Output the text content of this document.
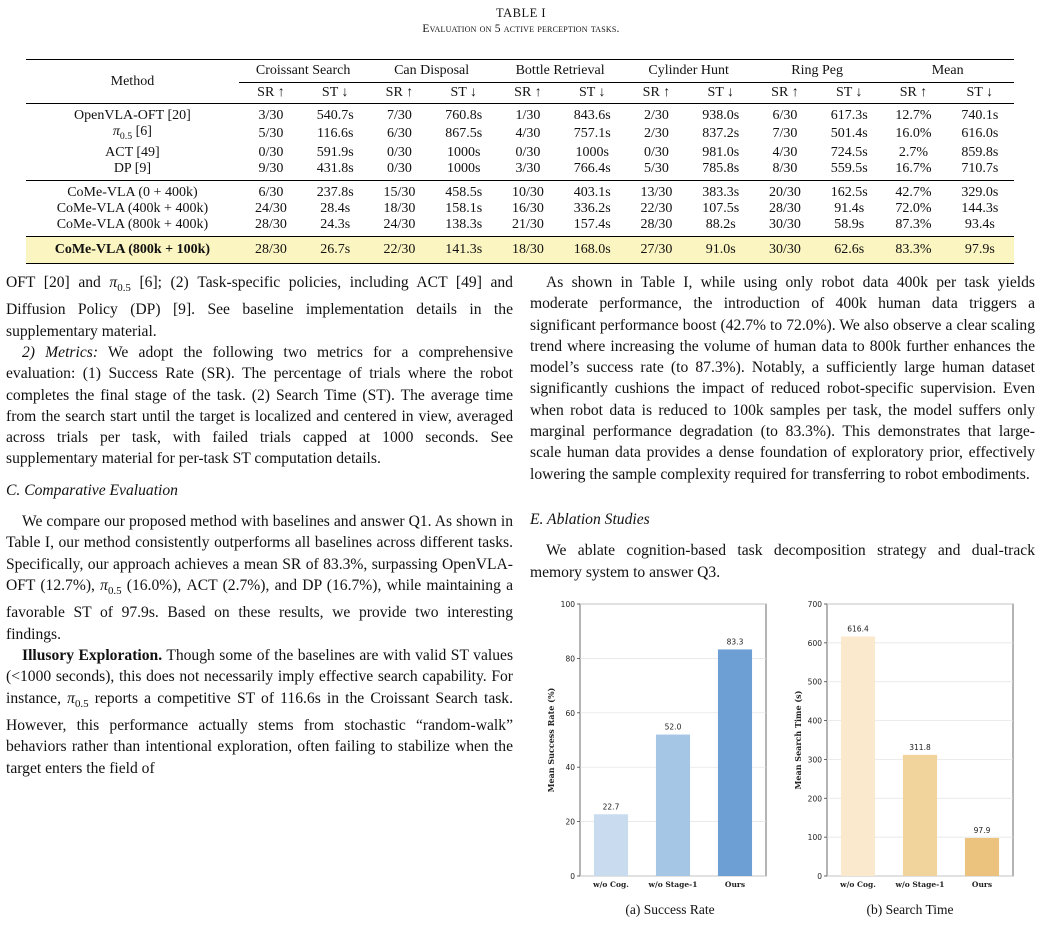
TABLE I
Evaluation on 5 active perception tasks.
Method	Croissant Search		Can Disposal		Bottle Retrieval		Cylinder Hunt		Ring Peg		Mean	
	SR ↑	ST ↓	SR ↑	ST ↓	SR ↑	ST ↓	SR ↑	ST ↓	SR ↑	ST ↓	SR ↑	ST ↓
OpenVLA-OFT [20]	3/30	540.7s	7/30	760.8s	1/30	843.6s	2/30	938.0s	6/30	617.3s	12.7%	740.1s
$\pi_{0.5}$ [6]	5/30	116.6s	6/30	867.5s	4/30	757.1s	2/30	837.2s	7/30	501.4s	16.0%	616.0s
ACT [49]	0/30	591.9s	0/30	1000s	0/30	1000s	0/30	981.0s	4/30	724.5s	2.7%	859.8s
DP [9]	9/30	431.8s	0/30	1000s	3/30	766.4s	5/30	785.8s	8/30	559.5s	16.7%	710.7s
CoMe-VLA (0 + 400k)	6/30	237.8s	15/30	458.5s	10/30	403.1s	13/30	383.3s	20/30	162.5s	42.7%	329.0s
CoMe-VLA (400k + 400k)	24/30	28.4s	18/30	158.1s	16/30	336.2s	22/30	107.5s	28/30	91.4s	72.0%	144.3s
CoMe-VLA (800k + 400k)	28/30	24.3s	24/30	138.3s	21/30	157.4s	28/30	88.2s	30/30	58.9s	87.3%	93.4s
CoMe-VLA (800k + 100k)	28/30	26.7s	22/30	141.3s	18/30	168.0s	27/30	91.0s	30/30	62.6s	83.3%	97.9s

OFT [20] and $\pi_{0.5}$ [6]; (2) Task-specific policies, including ACT [49] and Diffusion Policy (DP) [9]. See baseline implementation details in the supplementary material.

2) Metrics: We adopt the following two metrics for a comprehensive evaluation: (1) Success Rate (SR). The percentage of trials where the robot completes the final stage of the task. (2) Search Time (ST). The average time from the search start until the target is localized and centered in view, averaged across trials per task, with failed trials capped at 1000 seconds. See supplementary material for per-task ST computation details.

C. Comparative Evaluation

We compare our proposed method with baselines and answer Q1. As shown in Table I, our method consistently outperforms all baselines across different tasks. Specifically, our approach achieves a mean SR of 83.3%, surpassing OpenVLA-OFT (12.7%), $\pi_{0.5}$ (16.0%), ACT (2.7%), and DP (16.7%), while maintaining a favorable ST of 97.9s. Based on these results, we provide two interesting findings.

Illusory Exploration. Though some of the baselines are with valid ST values (<1000 seconds), this does not necessarily imply effective search capability. For instance, $\pi_{0.5}$ reports a competitive ST of 116.6s in the Croissant Search task. However, this performance actually stems from stochastic “random-walk” behaviors rather than intentional exploration, often failing to stabilize when the target enters the field of

As shown in Table I, while using only robot data 400k per task yields moderate performance, the introduction of 400k human data triggers a significant performance boost (42.7% to 72.0%). We also observe a clear scaling trend where increasing the volume of human data to 800k further enhances the model’s success rate (to 87.3%). Notably, a sufficiently large human dataset significantly cushions the impact of reduced robot-specific supervision. Even when robot data is reduced to 100k samples per task, the model suffers only marginal performance degradation (to 83.3%). This demonstrates that large-scale human data provides a dense foundation of exploratory prior, effectively lowering the sample complexity required for transferring to robot embodiments.

E. Ablation Studies

We ablate cognition-based task decomposition strategy and dual-track memory system to answer Q3.

0
20
40
60
80
100
22.7
w/o Cog.
52.0
w/o Stage-1
83.3
Ours
Mean Success Rate (%)
(a) Success Rate
0
100
200
300
400
500
600
700
616.4
w/o Cog.
311.8
w/o Stage-1
97.9
Ours
Mean Search Time (s)
(b) Search Time
